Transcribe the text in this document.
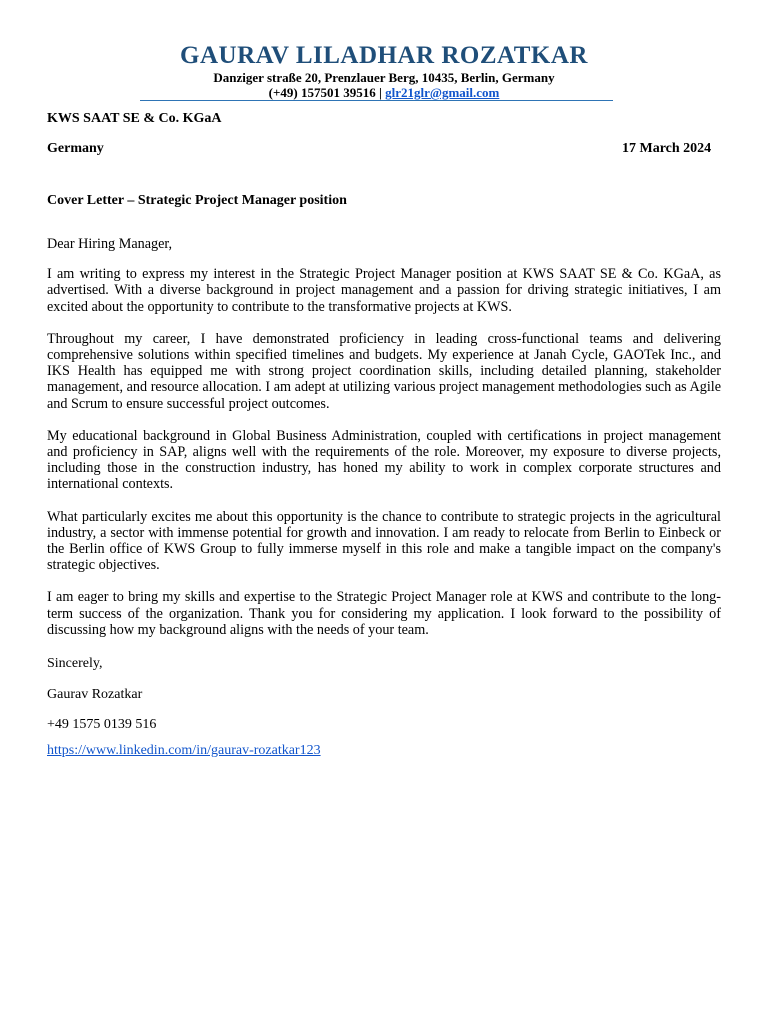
GAURAV LILADHAR ROZATKAR
Danziger straße 20, Prenzlauer Berg, 10435, Berlin, Germany
(+49) 157501 39516 | glr21glr@gmail.com
KWS SAAT SE & Co. KGaA
Germany	17 March 2024
Cover Letter – Strategic Project Manager position

Dear Hiring Manager,

I am writing to express my interest in the Strategic Project Manager position at KWS SAAT SE & Co. KGaA, as advertised. With a diverse background in project management and a passion for driving strategic initiatives, I am excited about the opportunity to contribute to the transformative projects at KWS.

Throughout my career, I have demonstrated proficiency in leading cross-functional teams and delivering comprehensive solutions within specified timelines and budgets. My experience at Janah Cycle, GAOTek Inc., and IKS Health has equipped me with strong project coordination skills, including detailed planning, stakeholder management, and resource allocation. I am adept at utilizing various project management methodologies such as Agile and Scrum to ensure successful project outcomes.

My educational background in Global Business Administration, coupled with certifications in project management and proficiency in SAP, aligns well with the requirements of the role. Moreover, my exposure to diverse projects, including those in the construction industry, has honed my ability to work in complex corporate structures and international contexts.

What particularly excites me about this opportunity is the chance to contribute to strategic projects in the agricultural industry, a sector with immense potential for growth and innovation. I am ready to relocate from Berlin to Einbeck or the Berlin office of KWS Group to fully immerse myself in this role and make a tangible impact on the company's strategic objectives.

I am eager to bring my skills and expertise to the Strategic Project Manager role at KWS and contribute to the long-term success of the organization. Thank you for considering my application. I look forward to the possibility of discussing how my background aligns with the needs of your team.

Sincerely,
Gaurav Rozatkar
+49 1575 0139 516
https://www.linkedin.com/in/gaurav-rozatkar123
